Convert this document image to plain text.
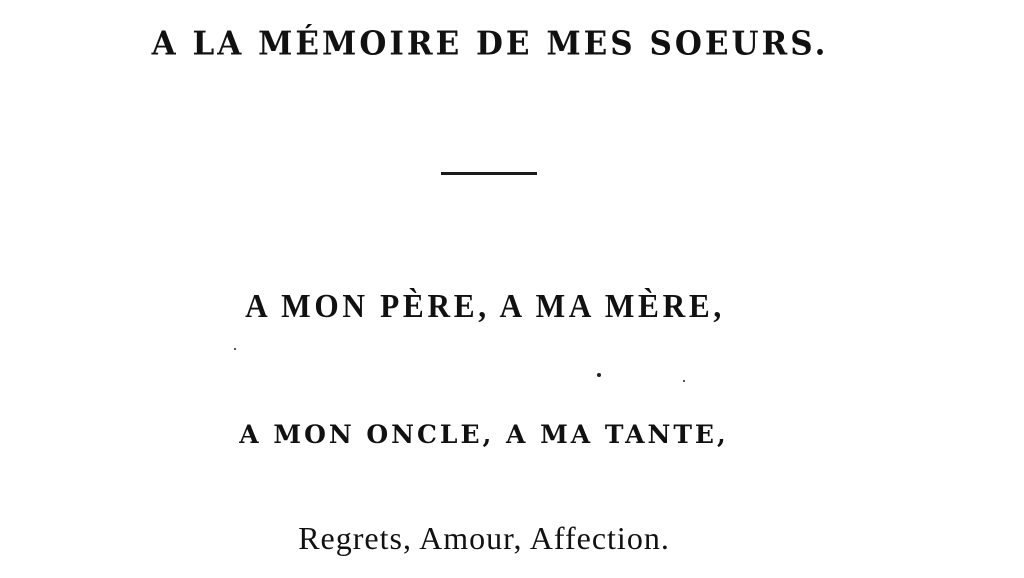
A LA MÉMOIRE DE MES SOEURS.
A MON PÈRE, A MA MÈRE,
A MON ONCLE, A MA TANTE,
Regrets, Amour, Affection.
